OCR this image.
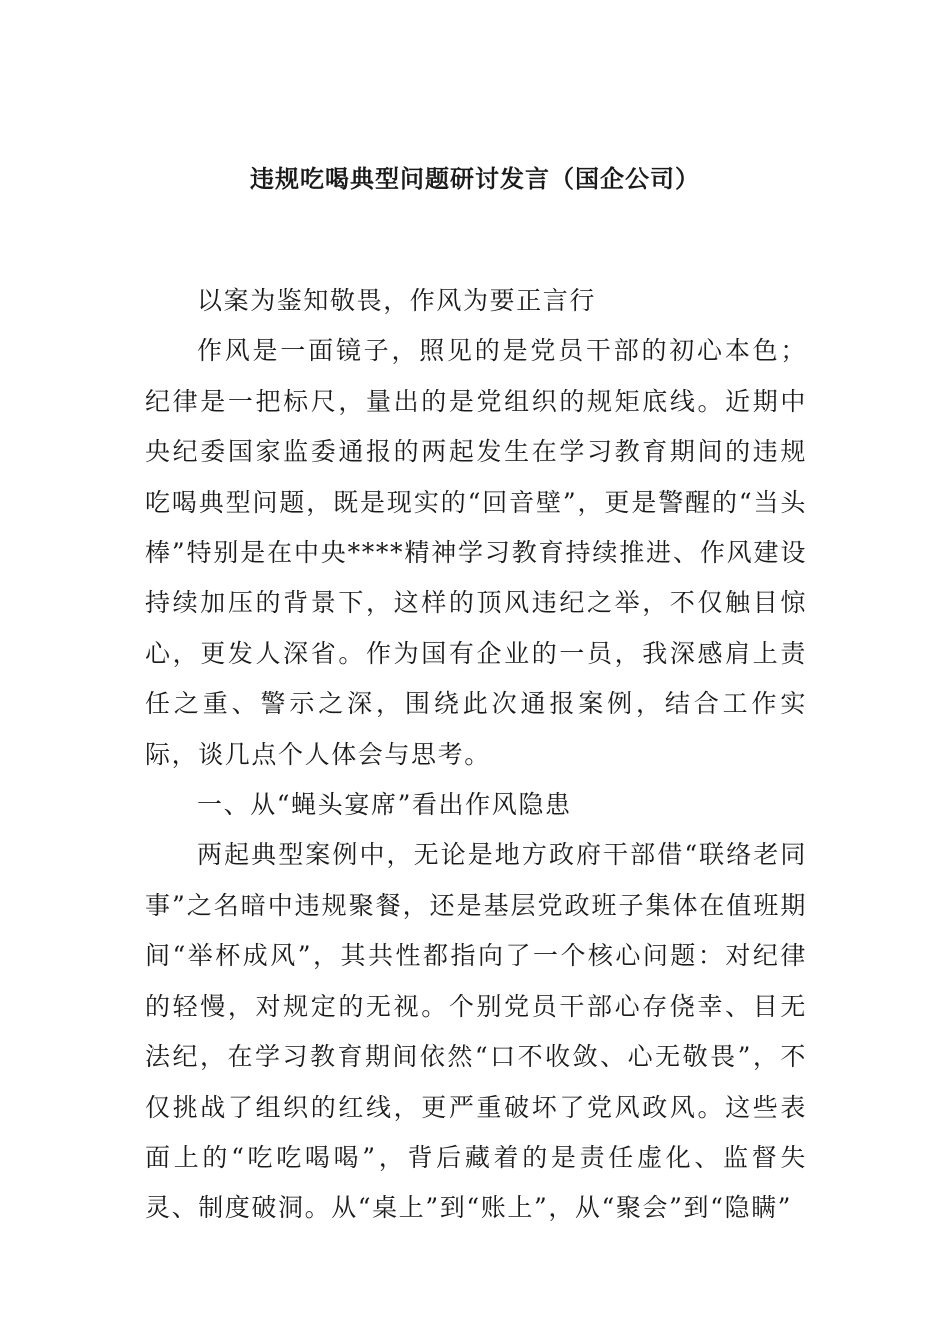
违规吃喝典型问题研讨发言（国企公司）

以案为鉴知敬畏，作风为要正言行

作风是一面镜子，照见的是党员干部的初心本色；纪律是一把标尺，量出的是党组织的规矩底线。近期中央纪委国家监委通报的两起发生在学习教育期间的违规吃喝典型问题，既是现实的“回音壁”，更是警醒的“当头棒”特别是在中央****精神学习教育持续推进、作风建设持续加压的背景下，这样的顶风违纪之举，不仅触目惊心，更发人深省。作为国有企业的一员，我深感肩上责任之重、警示之深，围绕此次通报案例，结合工作实际，谈几点个人体会与思考。

一、从“蝇头宴席”看出作风隐患

两起典型案例中，无论是地方政府干部借“联络老同事”之名暗中违规聚餐，还是基层党政班子集体在值班期间“举杯成风”，其共性都指向了一个核心问题：对纪律的轻慢，对规定的无视。个别党员干部心存侥幸、目无法纪，在学习教育期间依然“口不收敛、心无敬畏”，不仅挑战了组织的红线，更严重破坏了党风政风。这些表面上的“吃吃喝喝”，背后藏着的是责任虚化、监督失灵、制度破洞。从“桌上”到“账上”，从“聚会”到“隐瞒”
